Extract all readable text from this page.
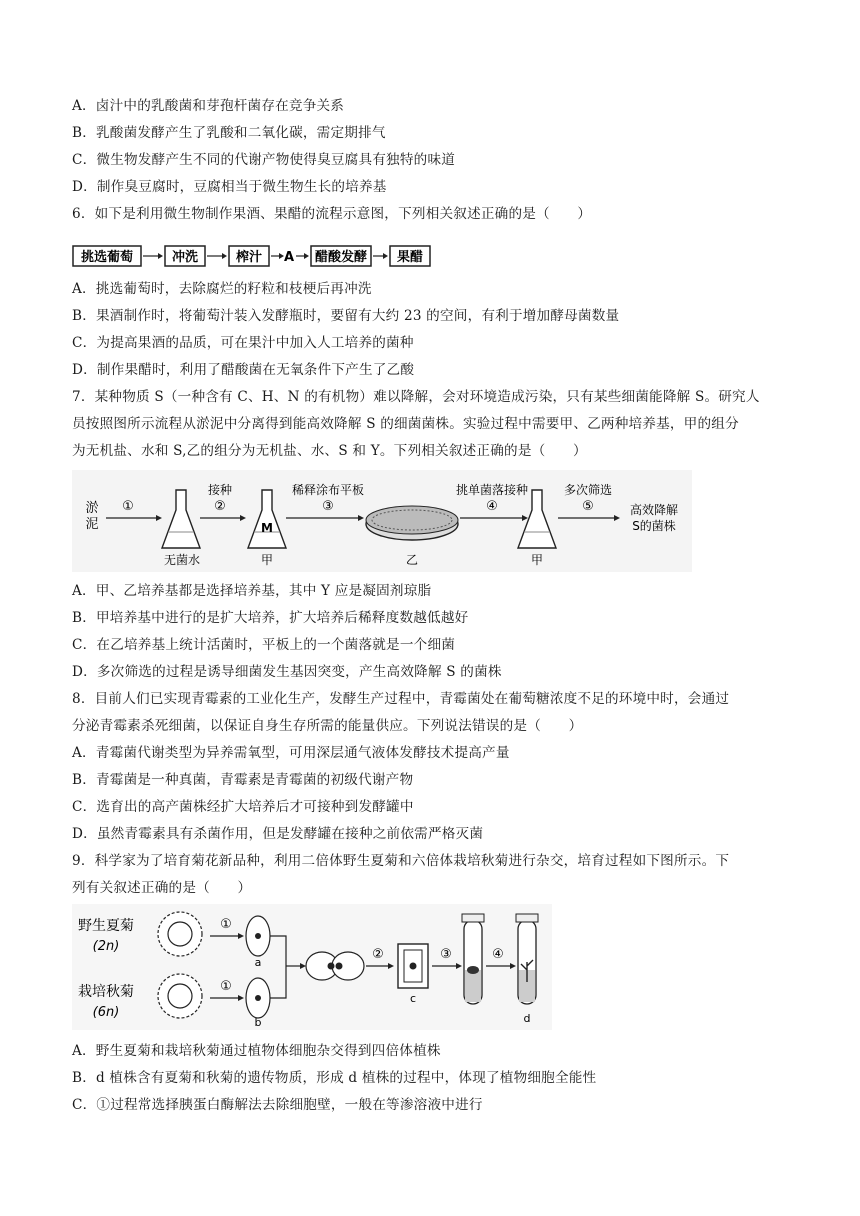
A．卤汁中的乳酸菌和芽孢杆菌存在竞争关系
B．乳酸菌发酵产生了乳酸和二氧化碳，需定期排气
C．微生物发酵产生不同的代谢产物使得臭豆腐具有独特的味道
D．制作臭豆腐时，豆腐相当于微生物生长的培养基
6．如下是利用微生物制作果酒、果醋的流程示意图，下列相关叙述正确的是（　　）
挑选葡萄	冲洗	榨汁 A 醋酸发酵 果醋
A．挑选葡萄时，去除腐烂的籽粒和枝梗后再冲洗
B．果酒制作时，将葡萄汁装入发酵瓶时，要留有大约 23 的空间，有利于增加酵母菌数量
C．为提高果酒的品质，可在果汁中加入人工培养的菌种
D．制作果醋时，利用了醋酸菌在无氧条件下产生了乙酸
7．某种物质 S（一种含有 C、H、N 的有机物）难以降解，会对环境造成污染，只有某些细菌能降解 S。研究人
员按照图所示流程从淤泥中分离得到能高效降解 S 的细菌菌株。实验过程中需要甲、乙两种培养基，甲的组分
为无机盐、水和 S,乙的组分为无机盐、水、S 和 Y。下列相关叙述正确的是（　　）
淤
泥
①
无菌水
接种
②
M
甲
稀释涂布平板
③
乙
挑单菌落接种
④
甲
多次筛选
⑤	高效降解
S的菌株
A．甲、乙培养基都是选择培养基，其中 Y 应是凝固剂琼脂
B．甲培养基中进行的是扩大培养，扩大培养后稀释度数越低越好
C．在乙培养基上统计活菌时，平板上的一个菌落就是一个细菌
D．多次筛选的过程是诱导细菌发生基因突变，产生高效降解 S 的菌株
8．目前人们已实现青霉素的工业化生产，发酵生产过程中，青霉菌处在葡萄糖浓度不足的环境中时，会通过
分泌青霉素杀死细菌，以保证自身生存所需的能量供应。下列说法错误的是（　　）
A．青霉菌代谢类型为异养需氧型，可用深层通气液体发酵技术提高产量
B．青霉菌是一种真菌，青霉素是青霉菌的初级代谢产物
C．选育出的高产菌株经扩大培养后才可接种到发酵罐中
D．虽然青霉素具有杀菌作用，但是发酵罐在接种之前依需严格灭菌
9．科学家为了培育菊花新品种，利用二倍体野生夏菊和六倍体栽培秋菊进行杂交，培育过程如下图所示。下
列有关叙述正确的是（　　）
野生夏菊
(2n)
①
a
栽培秋菊
(6n)
①
b
②
c
③	④
d
A．野生夏菊和栽培秋菊通过植物体细胞杂交得到四倍体植株
B．d 植株含有夏菊和秋菊的遗传物质，形成 d 植株的过程中，体现了植物细胞全能性
C．①过程常选择胰蛋白酶解法去除细胞壁，一般在等渗溶液中进行
